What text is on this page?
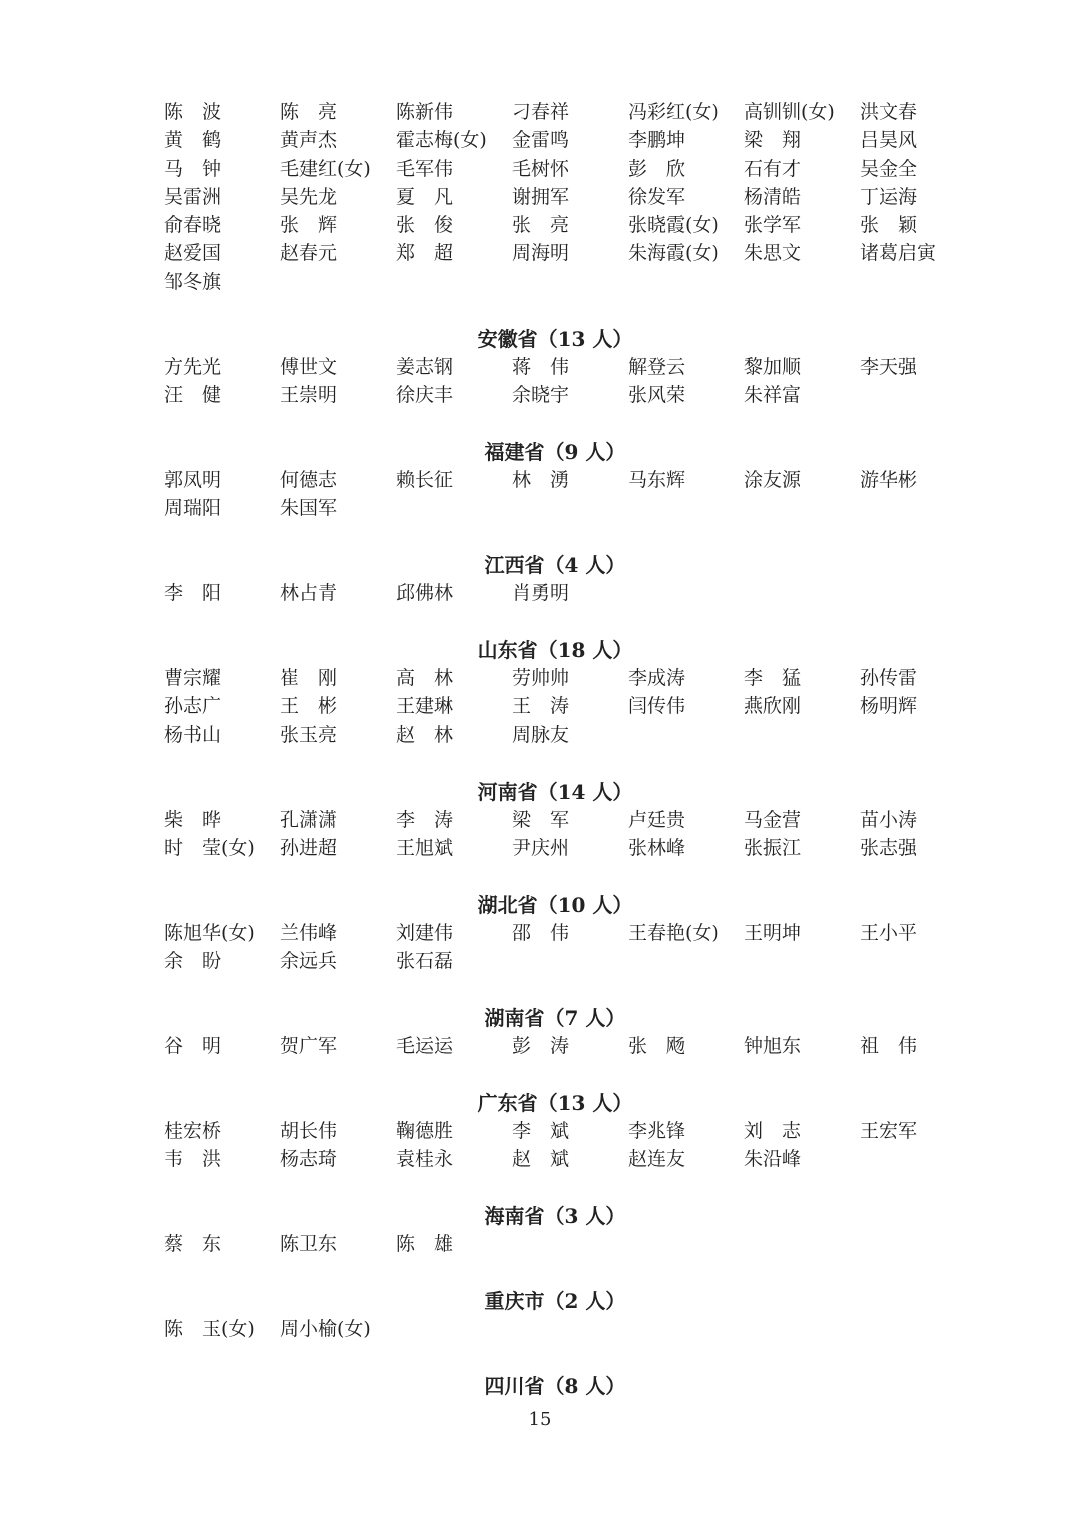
陈　波	陈　亮	陈新伟	刁春祥	冯彩红(女) 高钏钏(女) 洪文春
黄　鹤	黄声杰	霍志梅(女) 金雷鸣	李鹏坤	梁　翔	吕昊风
马　钟	毛建红(女) 毛军伟	毛树怀	彭　欣	石有才	吴金全
吴雷洲	吴先龙	夏　凡	谢拥军	徐发军	杨清皓	丁运海
俞春晓	张　辉	张　俊	张　亮	张晓霞(女) 张学军	张　颖
赵爱国	赵春元	郑　超	周海明	朱海霞(女) 朱思文	诸葛启寅
邹冬旗
安徽省（13 人）
方先光	傅世文	姜志钢	蒋　伟	解登云	黎加顺	李天强
汪　健	王崇明	徐庆丰	余晓宇	张风荣	朱祥富
福建省（9 人）
郭凤明	何德志	赖长征	林　湧	马东辉	涂友源	游华彬
周瑞阳	朱国军
江西省（4 人）
李　阳	林占青	邱佛林	肖勇明
山东省（18 人）
曹宗耀	崔　刚	高　林	劳帅帅	李成涛	李　猛	孙传雷
孙志广	王　彬	王建琳	王　涛	闫传伟	燕欣刚	杨明辉
杨书山	张玉亮	赵　林	周脉友
河南省（14 人）
柴　晔	孔潇潇	李　涛	梁　军	卢廷贵	马金营	苗小涛
时　莹(女) 孙进超	王旭斌	尹庆州	张林峰	张振江	张志强
湖北省（10 人）
陈旭华(女) 兰伟峰	刘建伟	邵　伟	王春艳(女) 王明坤	王小平
余　盼	余远兵	张石磊
湖南省（7 人）
谷　明	贺广军	毛运运	彭　涛	张　飏	钟旭东	祖　伟
广东省（13 人）
桂宏桥	胡长伟	鞠德胜	李　斌	李兆锋	刘　志	王宏军
韦　洪	杨志琦	袁桂永	赵　斌	赵连友	朱沿峰
海南省（3 人）
蔡　东	陈卫东	陈　雄
重庆市（2 人）
陈　玉(女) 周小榆(女)
四川省（8 人）
15
